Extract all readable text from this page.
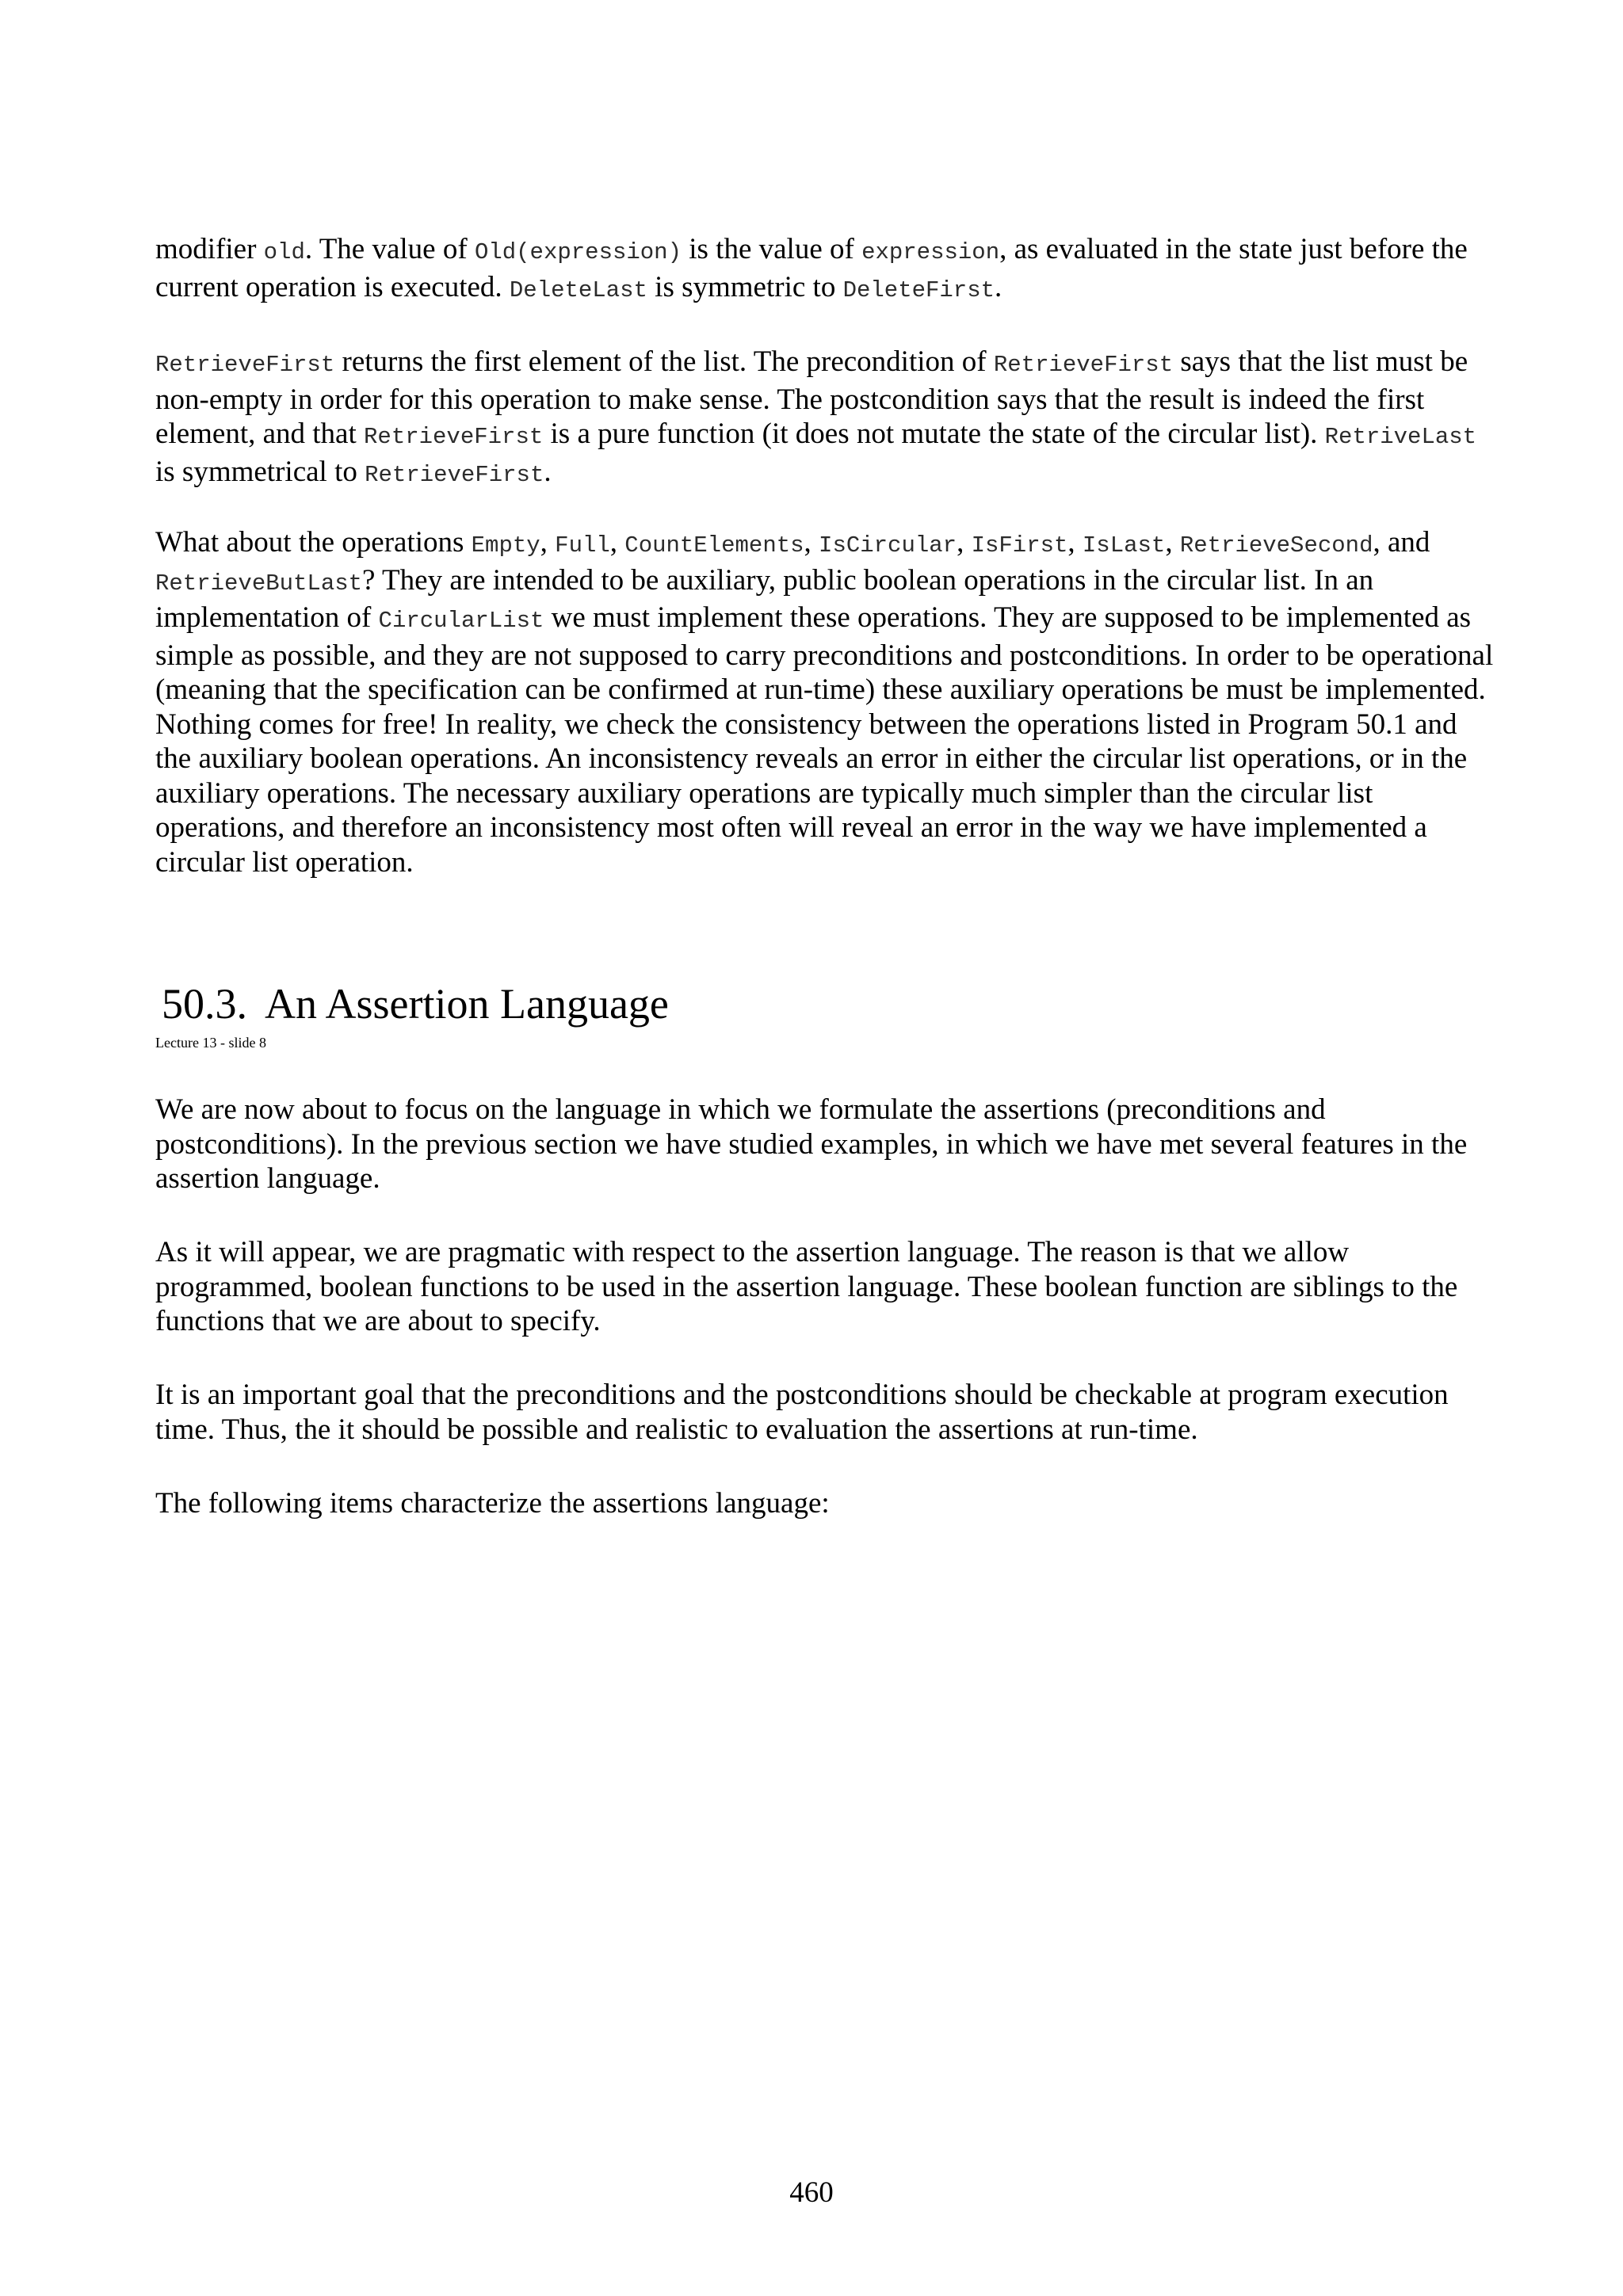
modifier old. The value of Old(expression) is the value of expression, as evaluated in the state just before the current operation is executed. DeleteLast is symmetric to DeleteFirst.

RetrieveFirst returns the first element of the list. The precondition of RetrieveFirst says that the list must be non-empty in order for this operation to make sense. The postcondition says that the result is indeed the first element, and that RetrieveFirst is a pure function (it does not mutate the state of the circular list). RetriveLast is symmetrical to RetrieveFirst.

What about the operations Empty, Full, CountElements, IsCircular, IsFirst, IsLast, RetrieveSecond, and RetrieveButLast? They are intended to be auxiliary, public boolean operations in the circular list. In an implementation of CircularList we must implement these operations. They are supposed to be implemented as simple as possible, and they are not supposed to carry preconditions and postconditions. In order to be operational (meaning that the specification can be confirmed at run-time) these auxiliary operations be must be implemented. Nothing comes for free! In reality, we check the consistency between the operations listed in Program 50.1 and the auxiliary boolean operations. An inconsistency reveals an error in either the circular list operations, or in the auxiliary operations. The necessary auxiliary operations are typically much simpler than the circular list operations, and therefore an inconsistency most often will reveal an error in the way we have implemented a circular list operation.

50.3. An Assertion Language

Lecture 13 - slide 8

We are now about to focus on the language in which we formulate the assertions (preconditions and postconditions). In the previous section we have studied examples, in which we have met several features in the assertion language.

As it will appear, we are pragmatic with respect to the assertion language. The reason is that we allow programmed, boolean functions to be used in the assertion language. These boolean function are siblings to the functions that we are about to specify.

It is an important goal that the preconditions and the postconditions should be checkable at program execution time. Thus, the it should be possible and realistic to evaluation the assertions at run-time.

The following items characterize the assertions language:

460
